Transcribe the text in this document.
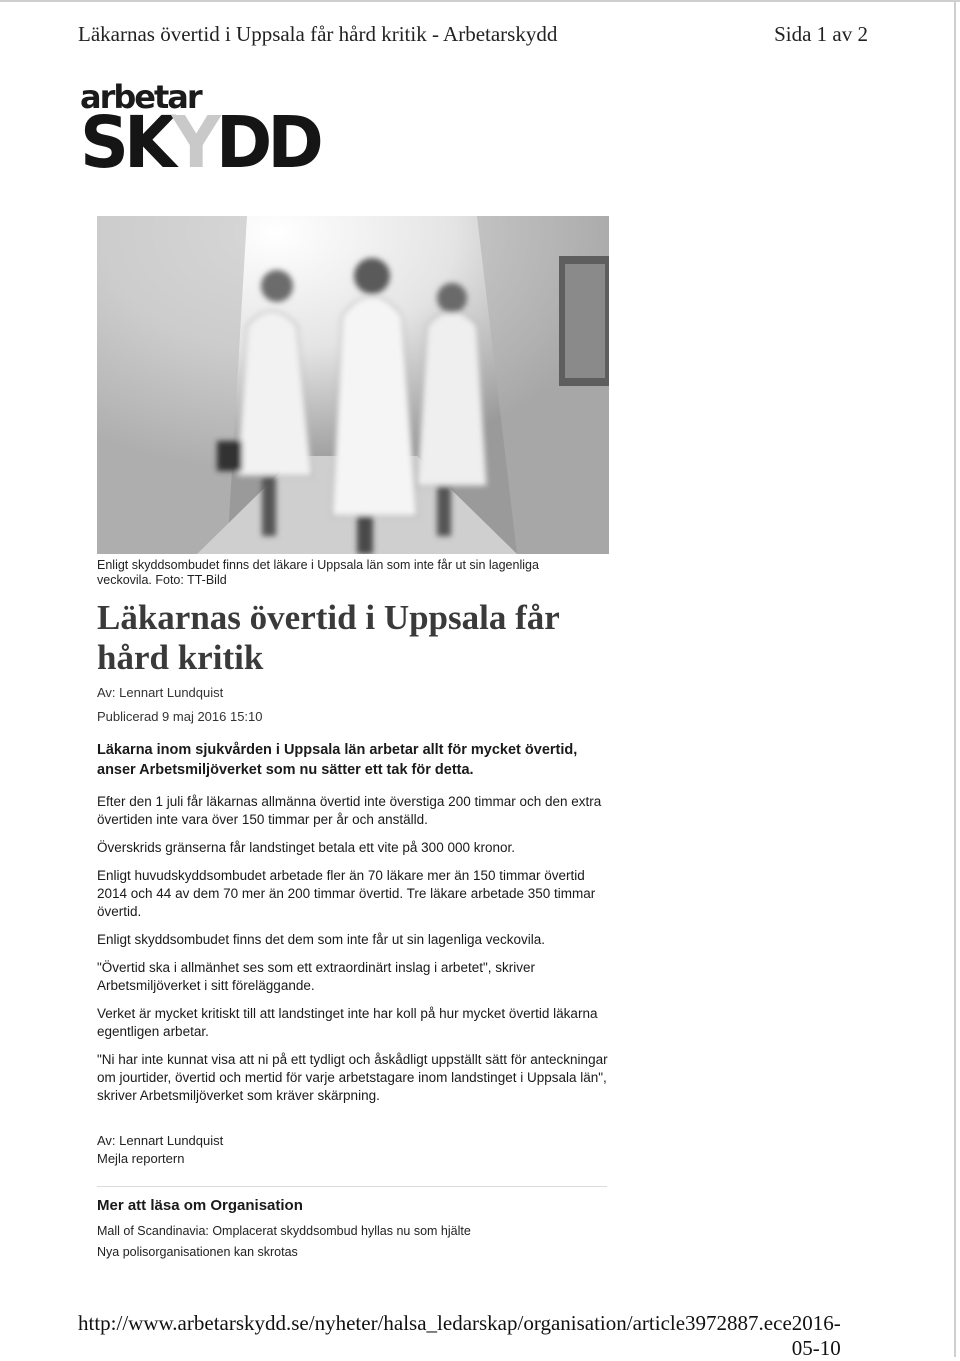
Läkarnas övertid i Uppsala får hård kritik - Arbetarskydd	Sida 1 av 2
arbetar
SKYDD
Enligt skyddsombudet finns det läkare i Uppsala län som inte får ut sin lagenliga veckovila. Foto: TT-Bild
Läkarnas övertid i Uppsala får hård kritik
Av: Lennart Lundquist
Publicerad 9 maj 2016 15:10

Läkarna inom sjukvården i Uppsala län arbetar allt för mycket övertid, anser Arbetsmiljöverket som nu sätter ett tak för detta.

Efter den 1 juli får läkarnas allmänna övertid inte överstiga 200 timmar och den extra övertiden inte vara över 150 timmar per år och anställd.

Överskrids gränserna får landstinget betala ett vite på 300 000 kronor.

Enligt huvudskyddsombudet arbetade fler än 70 läkare mer än 150 timmar övertid 2014 och 44 av dem 70 mer än 200 timmar övertid. Tre läkare arbetade 350 timmar övertid.

Enligt skyddsombudet finns det dem som inte får ut sin lagenliga veckovila.

"Övertid ska i allmänhet ses som ett extraordinärt inslag i arbetet", skriver Arbetsmiljöverket i sitt föreläggande.

Verket är mycket kritiskt till att landstinget inte har koll på hur mycket övertid läkarna egentligen arbetar.

"Ni har inte kunnat visa att ni på ett tydligt och åskådligt uppställt sätt för anteckningar om jourtider, övertid och mertid för varje arbetstagare inom landstinget i Uppsala län", skriver Arbetsmiljöverket som kräver skärpning.

Av: Lennart Lundquist
Mejla reportern
Mer att läsa om Organisation
Mall of Scandinavia: Omplacerat skyddsombud hyllas nu som hjälte
Nya polisorganisationen kan skrotas
http://www.arbetarskydd.se/nyheter/halsa_ledarskap/organisation/article3972887.ece 2016-05-10
